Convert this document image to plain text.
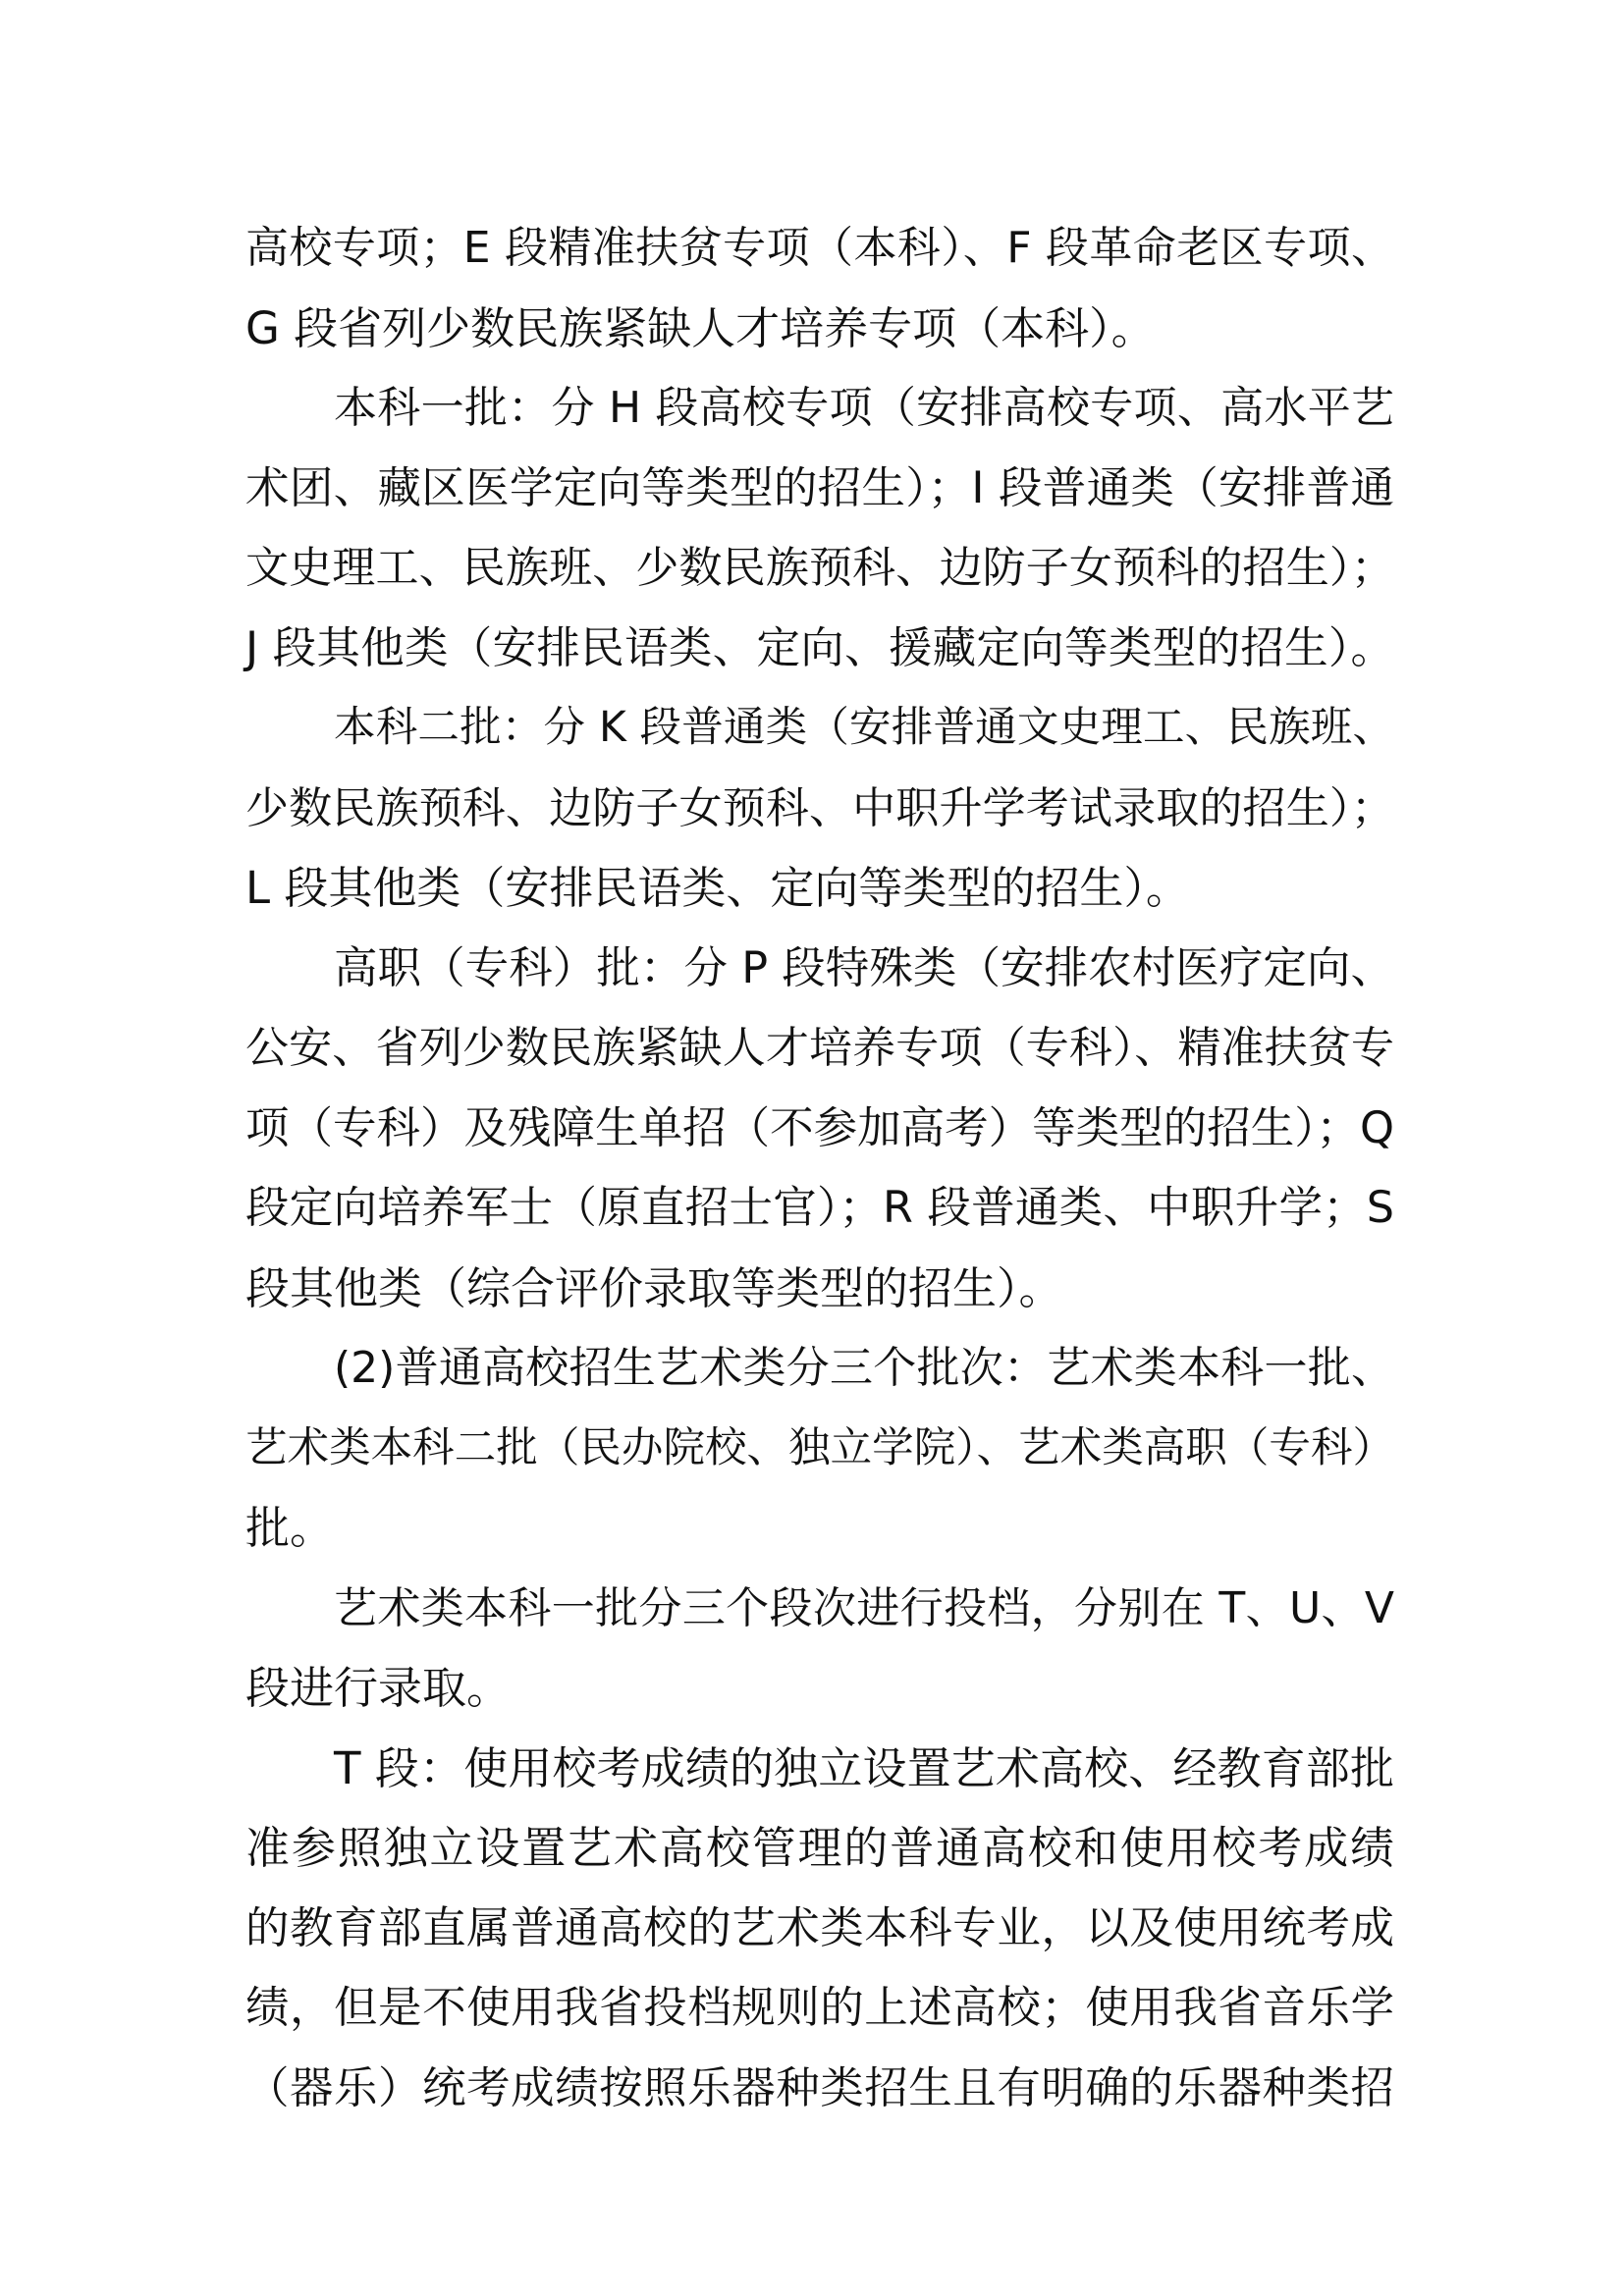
高校专项；E 段精准扶贫专项（本科）、F 段革命老区专项、
G 段省列少数民族紧缺人才培养专项（本科）。
本科一批：分 H 段高校专项（安排高校专项、高水平艺
术团、藏区医学定向等类型的招生）；I 段普通类（安排普通
文史理工、民族班、少数民族预科、边防子女预科的招生）；
J 段其他类（安排民语类、定向、援藏定向等类型的招生）。
本科二批：分 K 段普通类（安排普通文史理工、民族班、
少数民族预科、边防子女预科、中职升学考试录取的招生）；
L 段其他类（安排民语类、定向等类型的招生）。
高职（专科）批：分 P 段特殊类（安排农村医疗定向、
公安、省列少数民族紧缺人才培养专项（专科）、精准扶贫专
项（专科）及残障生单招（不参加高考）等类型的招生）；Q
段定向培养军士（原直招士官）；R 段普通类、中职升学；S
段其他类（综合评价录取等类型的招生）。
(2)普通高校招生艺术类分三个批次：艺术类本科一批、
艺术类本科二批（民办院校、独立学院）、艺术类高职（专科）
批。
艺术类本科一批分三个段次进行投档，分别在 T、U、V
段进行录取。
T 段：使用校考成绩的独立设置艺术高校、经教育部批
准参照独立设置艺术高校管理的普通高校和使用校考成绩
的教育部直属普通高校的艺术类本科专业，以及使用统考成
绩，但是不使用我省投档规则的上述高校；使用我省音乐学
（器乐）统考成绩按照乐器种类招生且有明确的乐器种类招
